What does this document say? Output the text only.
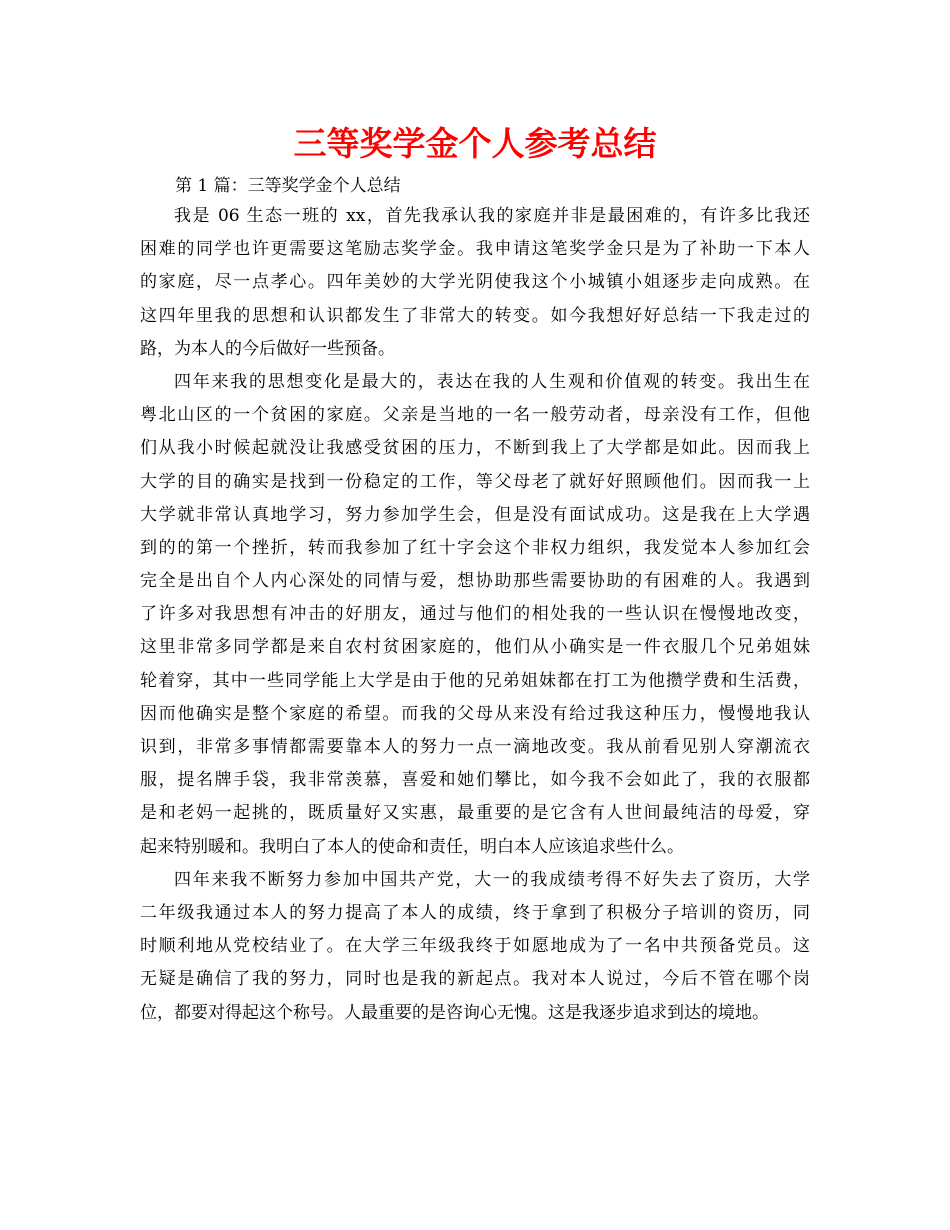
三等奖学金个人参考总结

第 1 篇：三等奖学金个人总结

我是 06 生态一班的 xx，首先我承认我的家庭并非是最困难的，有许多比我还
困难的同学也许更需要这笔励志奖学金。我申请这笔奖学金只是为了补助一下本人
的家庭，尽一点孝心。四年美妙的大学光阴使我这个小城镇小姐逐步走向成熟。在
这四年里我的思想和认识都发生了非常大的转变。如今我想好好总结一下我走过的
路，为本人的今后做好一些预备。
四年来我的思想变化是最大的，表达在我的人生观和价值观的转变。我出生在
粤北山区的一个贫困的家庭。父亲是当地的一名一般劳动者，母亲没有工作，但他
们从我小时候起就没让我感受贫困的压力，不断到我上了大学都是如此。因而我上
大学的目的确实是找到一份稳定的工作，等父母老了就好好照顾他们。因而我一上
大学就非常认真地学习，努力参加学生会，但是没有面试成功。这是我在上大学遇
到的的第一个挫折，转而我参加了红十字会这个非权力组织，我发觉本人参加红会
完全是出自个人内心深处的同情与爱，想协助那些需要协助的有困难的人。我遇到
了许多对我思想有冲击的好朋友，通过与他们的相处我的一些认识在慢慢地改变，
这里非常多同学都是来自农村贫困家庭的，他们从小确实是一件衣服几个兄弟姐妹
轮着穿，其中一些同学能上大学是由于他的兄弟姐妹都在打工为他攒学费和生活费，
因而他确实是整个家庭的希望。而我的父母从来没有给过我这种压力，慢慢地我认
识到，非常多事情都需要靠本人的努力一点一滴地改变。我从前看见别人穿潮流衣
服，提名牌手袋，我非常羡慕，喜爱和她们攀比，如今我不会如此了，我的衣服都
是和老妈一起挑的，既质量好又实惠，最重要的是它含有人世间最纯洁的母爱，穿
起来特别暖和。我明白了本人的使命和责任，明白本人应该追求些什么。
四年来我不断努力参加中国共产党，大一的我成绩考得不好失去了资历，大学
二年级我通过本人的努力提高了本人的成绩，终于拿到了积极分子培训的资历，同
时顺利地从党校结业了。在大学三年级我终于如愿地成为了一名中共预备党员。这
无疑是确信了我的努力，同时也是我的新起点。我对本人说过，今后不管在哪个岗
位，都要对得起这个称号。人最重要的是咨询心无愧。这是我逐步追求到达的境地。
